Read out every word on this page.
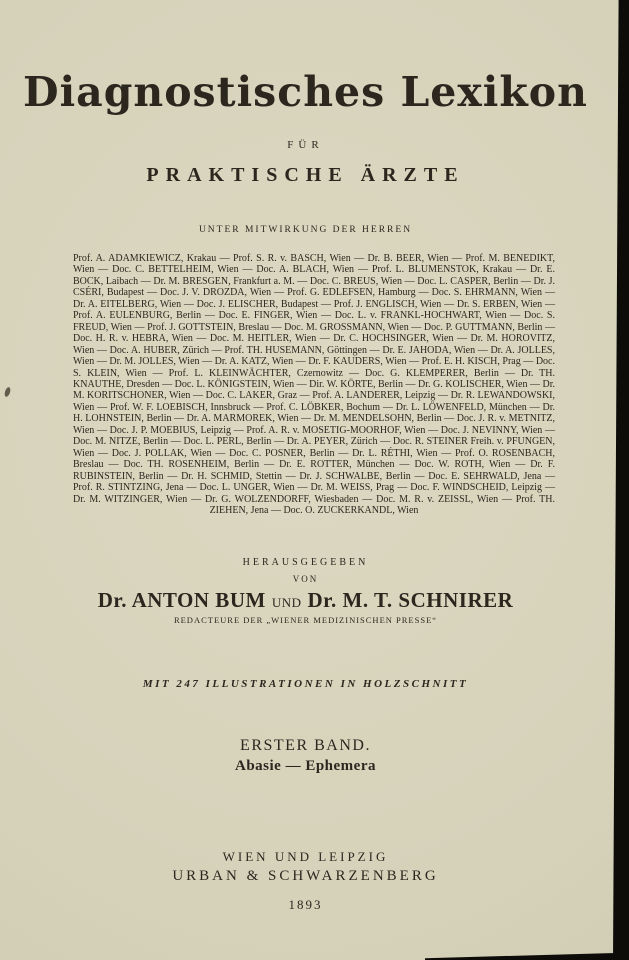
Diagnostisches Lexikon
FÜR
PRAKTISCHE ÄRZTE
UNTER MITWIRKUNG DER HERREN

Prof. A. ADAMKIEWICZ, Krakau — Prof. S. R. v. BASCH, Wien — Dr. B. BEER, Wien — Prof. M. BENEDIKT, Wien — Doc. C. BETTELHEIM, Wien — Doc. A. BLACH, Wien — Prof. L. BLUMENSTOK, Krakau — Dr. E. BOCK, Laibach — Dr. M. BRESGEN, Frankfurt a. M. — Doc. C. BREUS, Wien — Doc. L. CASPER, Berlin — Dr. J. CSÉRI, Budapest — Doc. J. V. DROZDA, Wien — Prof. G. EDLEFSEN, Hamburg — Doc. S. EHRMANN, Wien — Dr. A. EITELBERG, Wien — Doc. J. ELISCHER, Budapest — Prof. J. ENGLISCH, Wien — Dr. S. ERBEN, Wien — Prof. A. EULENBURG, Berlin — Doc. E. FINGER, Wien — Doc. L. v. FRANKL-HOCHWART, Wien — Doc. S. FREUD, Wien — Prof. J. GOTTSTEIN, Breslau — Doc. M. GROSSMANN, Wien — Doc. P. GUTTMANN, Berlin — Doc. H. R. v. HEBRA, Wien — Doc. M. HEITLER, Wien — Dr. C. HOCHSINGER, Wien — Dr. M. HOROVITZ, Wien — Doc. A. HUBER, Zürich — Prof. TH. HUSEMANN, Göttingen — Dr. E. JAHODA, Wien — Dr. A. JOLLES, Wien — Dr. M. JOLLES, Wien — Dr. A. KATZ, Wien — Dr. F. KAUDERS, Wien — Prof. E. H. KISCH, Prag — Doc. S. KLEIN, Wien — Prof. L. KLEINWÄCHTER, Czernowitz — Doc. G. KLEMPERER, Berlin — Dr. TH. KNAUTHE, Dresden — Doc. L. KÖNIGSTEIN, Wien — Dir. W. KÖRTE, Berlin — Dr. G. KOLISCHER, Wien — Dr. M. KORITSCHONER, Wien — Doc. C. LAKER, Graz — Prof. A. LANDERER, Leipzig — Dr. R. LEWANDOWSKI, Wien — Prof. W. F. LOEBISCH, Innsbruck — Prof. C. LÖBKER, Bochum — Dr. L. LÖWENFELD, München — Dr. H. LOHNSTEIN, Berlin — Dr. A. MARMOREK, Wien — Dr. M. MENDELSOHN, Berlin — Doc. J. R. v. METNITZ, Wien — Doc. J. P. MOEBIUS, Leipzig — Prof. A. R. v. MOSETIG-MOORHOF, Wien — Doc. J. NEVINNY, Wien — Doc. M. NITZE, Berlin — Doc. L. PERL, Berlin — Dr. A. PEYER, Zürich — Doc. R. STEINER Freih. v. PFUNGEN, Wien — Doc. J. POLLAK, Wien — Doc. C. POSNER, Berlin — Dr. L. RÉTHI, Wien — Prof. O. ROSENBACH, Breslau — Doc. TH. ROSENHEIM, Berlin — Dr. E. ROTTER, München — Doc. W. ROTH, Wien — Dr. F. RUBINSTEIN, Berlin — Dr. H. SCHMID, Stettin — Dr. J. SCHWALBE, Berlin — Doc. E. SEHRWALD, Jena — Prof. R. STINTZING, Jena — Doc. L. UNGER, Wien — Dr. M. WEISS, Prag — Doc. F. WINDSCHEID, Leipzig — Dr. M. WITZINGER, Wien — Dr. G. WOLZENDORFF, Wiesbaden — Doc. M. R. v. ZEISSL, Wien — Prof. TH. ZIEHEN, Jena — Doc. O. ZUCKERKANDL, Wien

HERAUSGEGEBEN
VON
Dr. ANTON BUM UND Dr. M. T. SCHNIRER
REDACTEURE DER „WIENER MEDIZINISCHEN PRESSE“
MIT 247 ILLUSTRATIONEN IN HOLZSCHNITT
ERSTER BAND.
Abasie — Ephemera
WIEN UND LEIPZIG
URBAN & SCHWARZENBERG
1893
